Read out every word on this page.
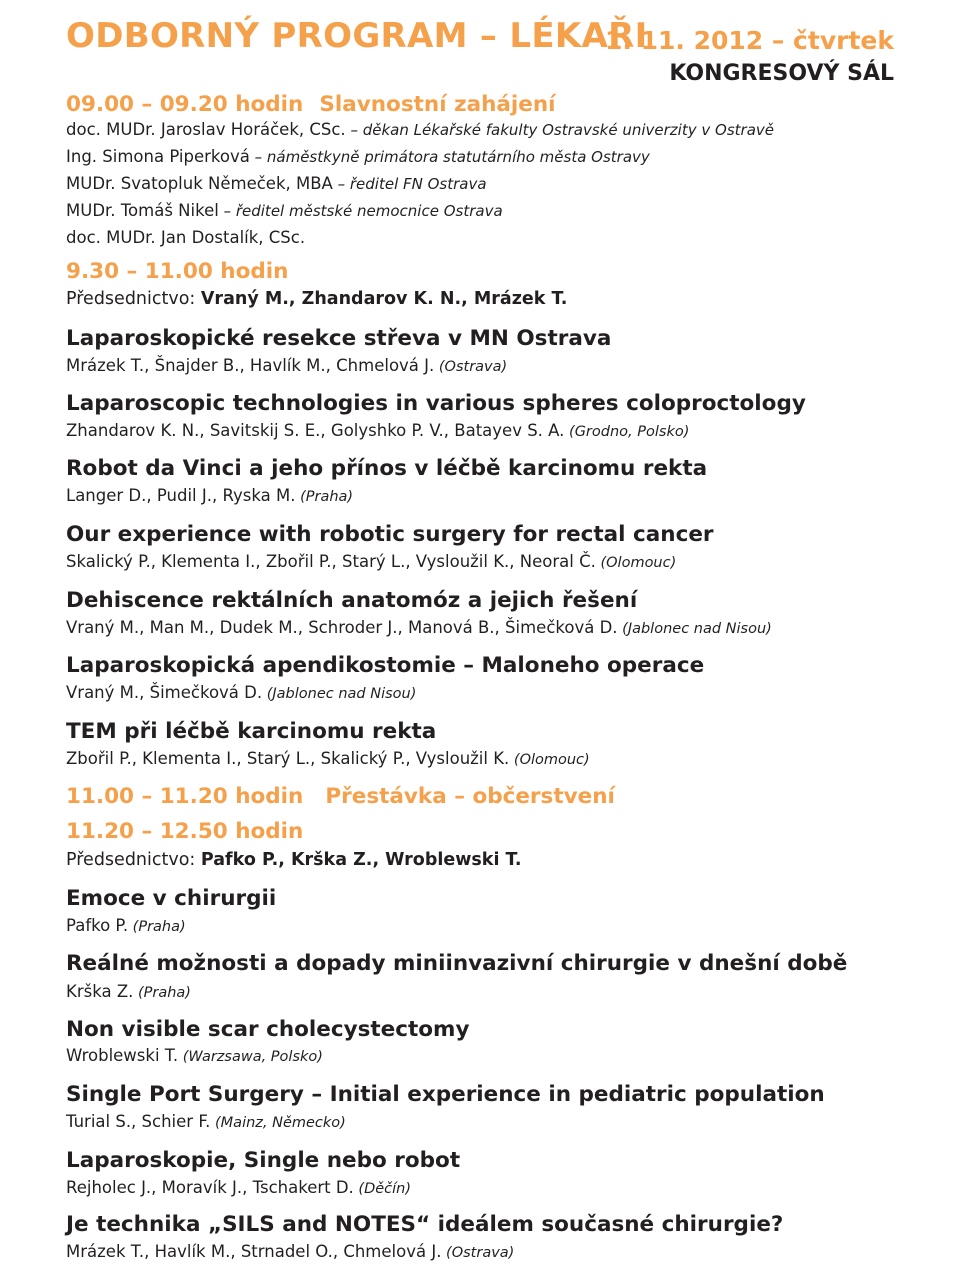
ODBORNÝ PROGRAM – LÉKAŘI
1. 11. 2012 – čtvrtek
KONGRESOVÝ SÁL
09.00 – 09.20 hodin Slavnostní zahájení
doc. MUDr. Jaroslav Horáček, CSc. – děkan Lékařské fakulty Ostravské univerzity v Ostravě
Ing. Simona Piperková – náměstkyně primátora statutárního města Ostravy
MUDr. Svatopluk Němeček, MBA – ředitel FN Ostrava
MUDr. Tomáš Nikel – ředitel městské nemocnice Ostrava
doc. MUDr. Jan Dostalík, CSc.
9.30 – 11.00 hodin
Předsednictvo: Vraný M., Zhandarov K. N., Mrázek T.
Laparoskopické resekce střeva v MN Ostrava
Mrázek T., Šnajder B., Havlík M., Chmelová J. (Ostrava)
Laparoscopic technologies in various spheres coloproctology
Zhandarov K. N., Savitskij S. E., Golyshko P. V., Batayev S. A. (Grodno, Polsko)
Robot da Vinci a jeho přínos v léčbě karcinomu rekta
Langer D., Pudil J., Ryska M. (Praha)
Our experience with robotic surgery for rectal cancer
Skalický P., Klementa I., Zbořil P., Starý L., Vysloužil K., Neoral Č. (Olomouc)
Dehiscence rektálních anatomóz a jejich řešení
Vraný M., Man M., Dudek M., Schroder J., Manová B., Šimečková D. (Jablonec nad Nisou)
Laparoskopická apendikostomie – Maloneho operace
Vraný M., Šimečková D. (Jablonec nad Nisou)
TEM při léčbě karcinomu rekta
Zbořil P., Klementa I., Starý L., Skalický P., Vysloužil K. (Olomouc)
11.00 – 11.20 hodin Přestávka – občerstvení
11.20 – 12.50 hodin
Předsednictvo: Pafko P., Krška Z., Wroblewski T.
Emoce v chirurgii
Pafko P. (Praha)
Reálné možnosti a dopady miniinvazivní chirurgie v dnešní době
Krška Z. (Praha)
Non visible scar cholecystectomy
Wroblewski T. (Warzsawa, Polsko)
Single Port Surgery – Initial experience in pediatric population
Turial S., Schier F. (Mainz, Německo)
Laparoskopie, Single nebo robot
Rejholec J., Moravík J., Tschakert D. (Děčín)
Je technika „SILS and NOTES“ ideálem současné chirurgie?
Mrázek T., Havlík M., Strnadel O., Chmelová J. (Ostrava)
